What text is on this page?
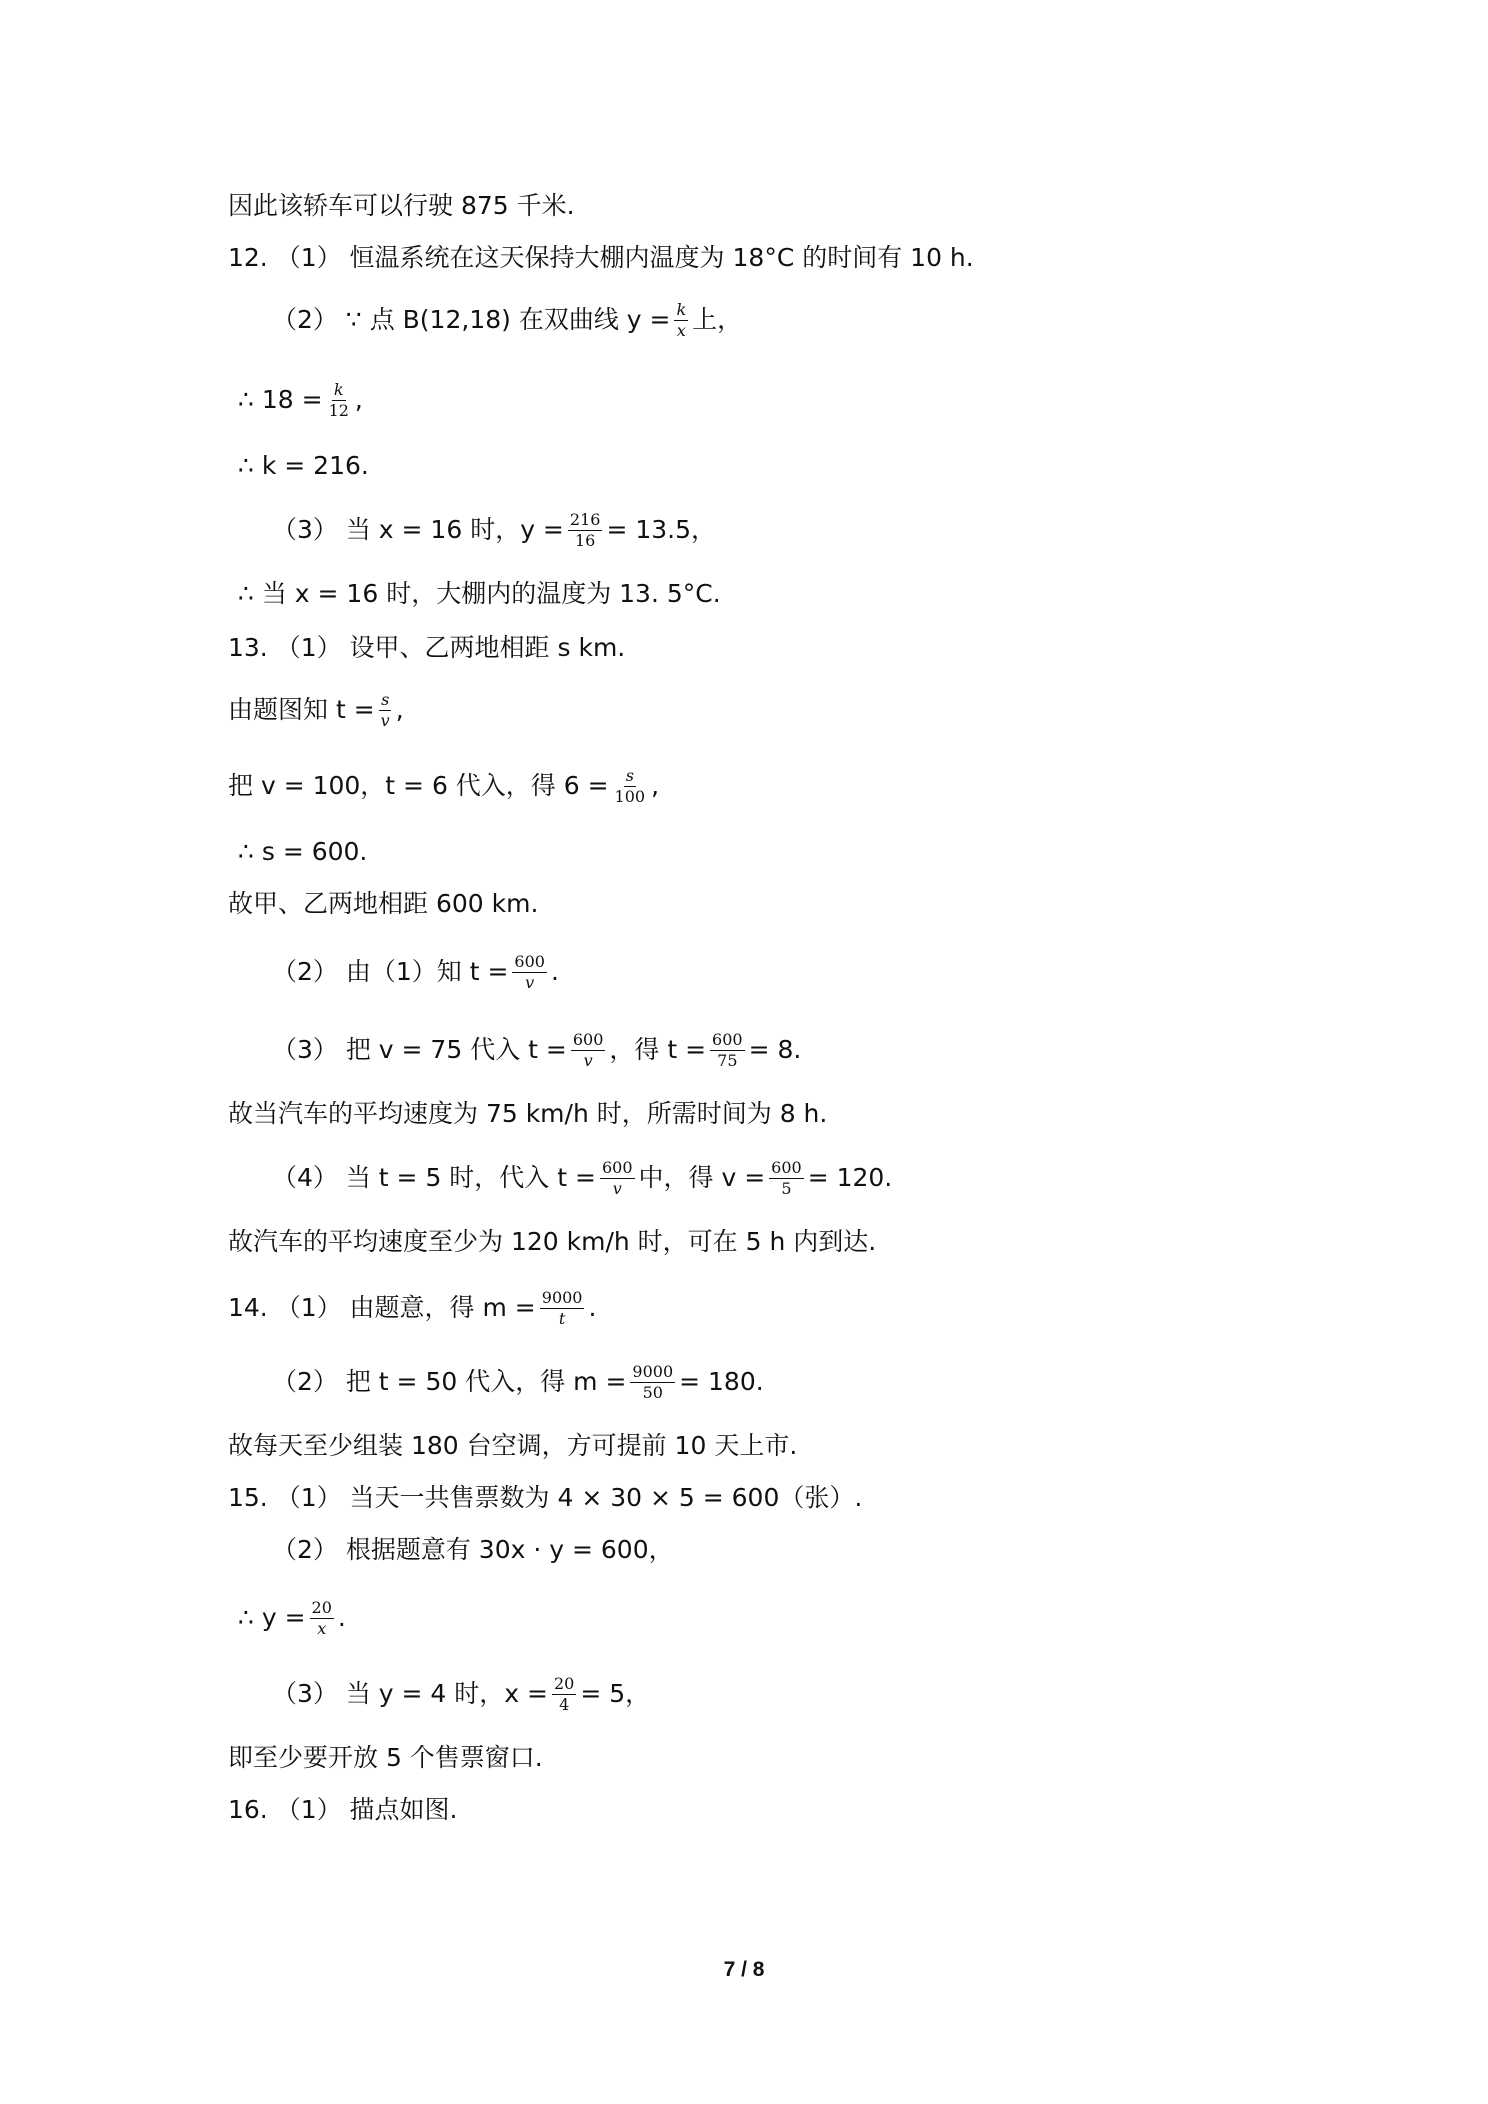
因此该轿车可以行驶 875 千米.
12. （1） 恒温系统在这天保持大棚内温度为 18°C 的时间有 10 h.
（2） ∵ 点 B(12,18) 在双曲线 $y = \frac{k}{x}$ 上，
∴ $18 = \frac{k}{12}$ ,
∴ k = 216.
（3） 当 x = 16 时，$y = \frac{216}{16} = 13.5$，
∴ 当 x = 16 时，大棚内的温度为 13. 5°C.
13. （1） 设甲、乙两地相距 s km.
由题图知 $t = \frac{s}{v}$ ,
把 v = 100，t = 6 代入，得 $6 = \frac{s}{100}$ ,
∴ s = 600.
故甲、乙两地相距 600 km.
（2） 由（1）知 $t = \frac{600}{v}$ .
（3） 把 v = 75 代入 $t = \frac{600}{v}$ ，得 $t = \frac{600}{75} = 8$.
故当汽车的平均速度为 75 km/h 时，所需时间为 8 h.
（4） 当 t = 5 时，代入 $t = \frac{600}{v}$ 中，得 $v = \frac{600}{5} = 120$.
故汽车的平均速度至少为 120 km/h 时，可在 5 h 内到达.
14. （1） 由题意，得 $m = \frac{9000}{t}$ .
（2） 把 t = 50 代入，得 $m = \frac{9000}{50} = 180$.
故每天至少组装 180 台空调，方可提前 10 天上市.
15. （1） 当天一共售票数为 4 × 30 × 5 = 600（张）.
（2） 根据题意有 30x · y = 600，
∴ $y = \frac{20}{x}$ .
（3） 当 y = 4 时，$x = \frac{20}{4} = 5$，
即至少要开放 5 个售票窗口.
16. （1） 描点如图.
7 / 8
